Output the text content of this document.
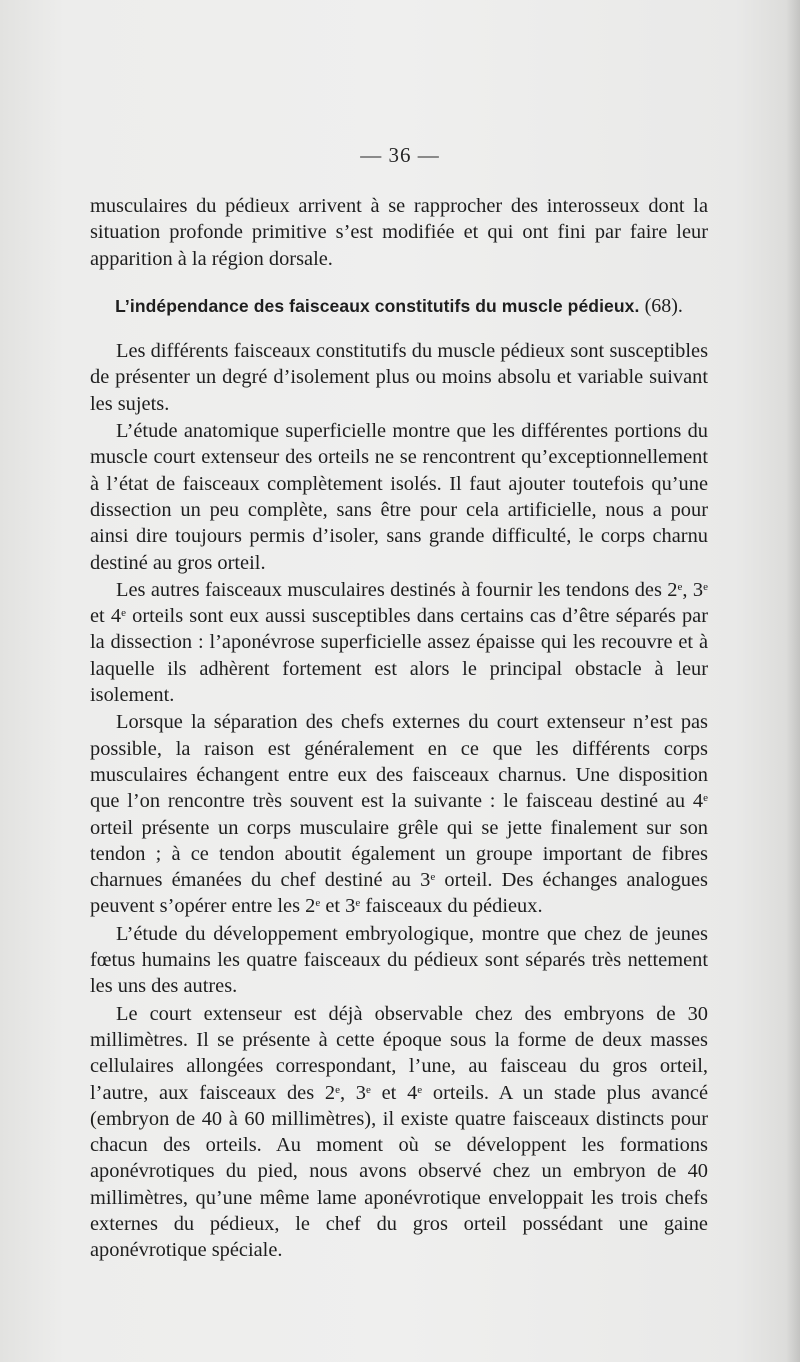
— 36 —

musculaires du pédieux arrivent à se rapprocher des interosseux dont la situation profonde primitive s’est modifiée et qui ont fini par faire leur apparition à la région dorsale.

L’indépendance des faisceaux constitutifs du muscle pédieux. (68).

Les différents faisceaux constitutifs du muscle pédieux sont susceptibles de présenter un degré d’isolement plus ou moins absolu et variable suivant les sujets.

L’étude anatomique superficielle montre que les différentes portions du muscle court extenseur des orteils ne se rencontrent qu’exceptionnellement à l’état de faisceaux complètement isolés. Il faut ajouter toutefois qu’une dissection un peu complète, sans être pour cela artificielle, nous a pour ainsi dire toujours permis d’isoler, sans grande difficulté, le corps charnu destiné au gros orteil.

Les autres faisceaux musculaires destinés à fournir les tendons des 2e, 3e et 4e orteils sont eux aussi susceptibles dans certains cas d’être séparés par la dissection : l’aponévrose superficielle assez épaisse qui les recouvre et à laquelle ils adhèrent fortement est alors le principal obstacle à leur isolement.

Lorsque la séparation des chefs externes du court extenseur n’est pas possible, la raison est généralement en ce que les différents corps musculaires échangent entre eux des faisceaux charnus. Une disposition que l’on rencontre très souvent est la suivante : le faisceau destiné au 4e orteil présente un corps musculaire grêle qui se jette finalement sur son tendon ; à ce tendon aboutit également un groupe important de fibres charnues émanées du chef destiné au 3e orteil. Des échanges analogues peuvent s’opérer entre les 2e et 3e faisceaux du pédieux.

L’étude du développement embryologique, montre que chez de jeunes fœtus humains les quatre faisceaux du pédieux sont séparés très nettement les uns des autres.

Le court extenseur est déjà observable chez des embryons de 30 millimètres. Il se présente à cette époque sous la forme de deux masses cellulaires allongées correspondant, l’une, au faisceau du gros orteil, l’autre, aux faisceaux des 2e, 3e et 4e orteils. A un stade plus avancé (embryon de 40 à 60 millimètres), il existe quatre faisceaux distincts pour chacun des orteils. Au moment où se développent les formations aponévrotiques du pied, nous avons observé chez un embryon de 40 millimètres, qu’une même lame aponévrotique enveloppait les trois chefs externes du pédieux, le chef du gros orteil possédant une gaine aponévrotique spéciale.
